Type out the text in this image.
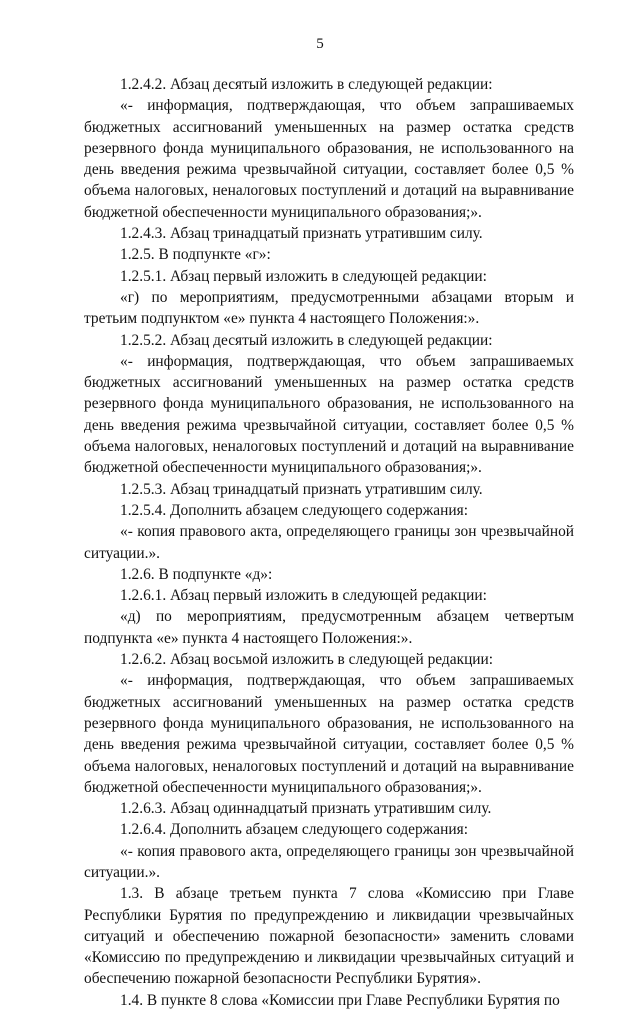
5

1.2.4.2. Абзац десятый изложить в следующей редакции:

«- информация, подтверждающая, что объем запрашиваемых бюджетных ассигнований уменьшенных на размер остатка средств резервного фонда муниципального образования, не использованного на день введения режима чрезвычайной ситуации, составляет более 0,5 % объема налоговых, неналоговых поступлений и дотаций на выравнивание бюджетной обеспеченности муниципального образования;».

1.2.4.3. Абзац тринадцатый признать утратившим силу.

1.2.5. В подпункте «г»:

1.2.5.1. Абзац первый изложить в следующей редакции:

«г) по мероприятиям, предусмотренными абзацами вторым и третьим подпунктом «е» пункта 4 настоящего Положения:».

1.2.5.2. Абзац десятый изложить в следующей редакции:

«- информация, подтверждающая, что объем запрашиваемых бюджетных ассигнований уменьшенных на размер остатка средств резервного фонда муниципального образования, не использованного на день введения режима чрезвычайной ситуации, составляет более 0,5 % объема налоговых, неналоговых поступлений и дотаций на выравнивание бюджетной обеспеченности муниципального образования;».

1.2.5.3. Абзац тринадцатый признать утратившим силу.

1.2.5.4. Дополнить абзацем следующего содержания:

«- копия правового акта, определяющего границы зон чрезвычайной ситуации.».

1.2.6. В подпункте «д»:

1.2.6.1. Абзац первый изложить в следующей редакции:

«д) по мероприятиям, предусмотренным абзацем четвертым подпункта «е» пункта 4 настоящего Положения:».

1.2.6.2. Абзац восьмой изложить в следующей редакции:

«- информация, подтверждающая, что объем запрашиваемых бюджетных ассигнований уменьшенных на размер остатка средств резервного фонда муниципального образования, не использованного на день введения режима чрезвычайной ситуации, составляет более 0,5 % объема налоговых, неналоговых поступлений и дотаций на выравнивание бюджетной обеспеченности муниципального образования;».

1.2.6.3. Абзац одиннадцатый признать утратившим силу.

1.2.6.4. Дополнить абзацем следующего содержания:

«- копия правового акта, определяющего границы зон чрезвычайной ситуации.».

1.3. В абзаце третьем пункта 7 слова «Комиссию при Главе Республики Бурятия по предупреждению и ликвидации чрезвычайных ситуаций и обеспечению пожарной безопасности» заменить словами «Комиссию по предупреждению и ликвидации чрезвычайных ситуаций и обеспечению пожарной безопасности Республики Бурятия».

1.4. В пункте 8 слова «Комиссии при Главе Республики Бурятия по
